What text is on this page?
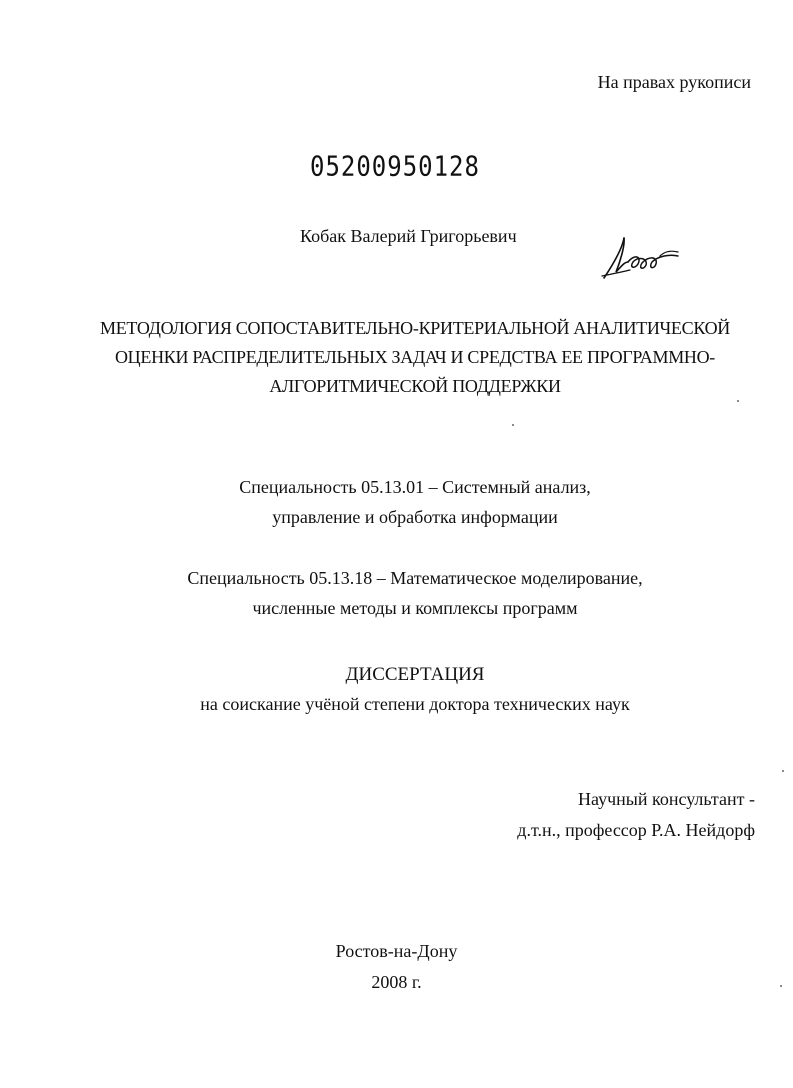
На правах рукописи
05200950128
Кобак Валерий Григорьевич
МЕТОДОЛОГИЯ СОПОСТАВИТЕЛЬНО-КРИТЕРИАЛЬНОЙ АНАЛИТИЧЕСКОЙ
ОЦЕНКИ РАСПРЕДЕЛИТЕЛЬНЫХ ЗАДАЧ И СРЕДСТВА ЕЕ ПРОГРАММНО-
АЛГОРИТМИЧЕСКОЙ ПОДДЕРЖКИ
Специальность 05.13.01 – Системный анализ,
управление и обработка информации
Специальность 05.13.18 – Математическое моделирование,
численные методы и комплексы программ
ДИССЕРТАЦИЯ
на соискание учёной степени доктора технических наук
Научный консультант -
д.т.н., профессор Р.А. Нейдорф
Ростов-на-Дону
2008 г.
